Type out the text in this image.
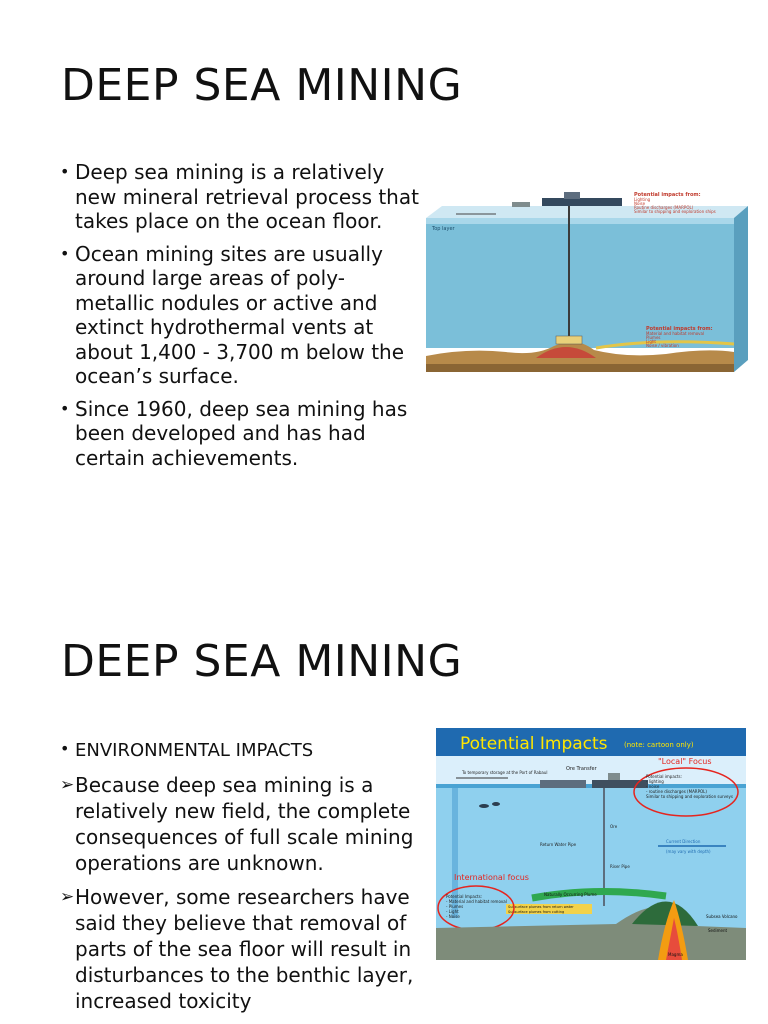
DEEP SEA MINING
• Deep sea mining is a relatively new mineral retrieval process that takes place on the ocean floor.
• Ocean mining sites are usually around large areas of poly-metallic nodules or active and extinct hydrothermal vents at about 1,400 - 3,700 m below the ocean’s surface.
• Since 1960, deep sea mining has been developed and has had certain achievements.
Potential impacts from:
Lighting
Noise
Routine discharges (MARPOL)
Similar to shipping and exploration ships
Potential impacts from:
Material and habitat removal
Plumes
Light
Noise / vibration
Top layer
DEEP SEA MINING
• ENVIRONMENTAL IMPACTS
➢ Because deep sea mining is a relatively new field, the complete consequences of full scale mining operations are unknown.
➢ However, some researchers have said they believe that removal of parts of the sea floor will result in disturbances to the benthic layer, increased toxicity
Potential Impacts (note: cartoon only)
To temporary storage at the Port of Rabaul
Ore Transfer
"Local" Focus
Potential impacts:
- lighting
- noise
- routine discharges (MARPOL)
Similar to shipping and exploration surveys
Ore
Riser Pipe
Return Water Pipe
Current Direction
(may vary with depth)
Naturally Occurring Plume
Subsurface plumes from return water
Subsurface plumes from cutting
International focus
Potential Impacts:
- Material and habitat removal
- Plumes
- Light
- Noise	Subsea Volcano
Sediment
Magma
